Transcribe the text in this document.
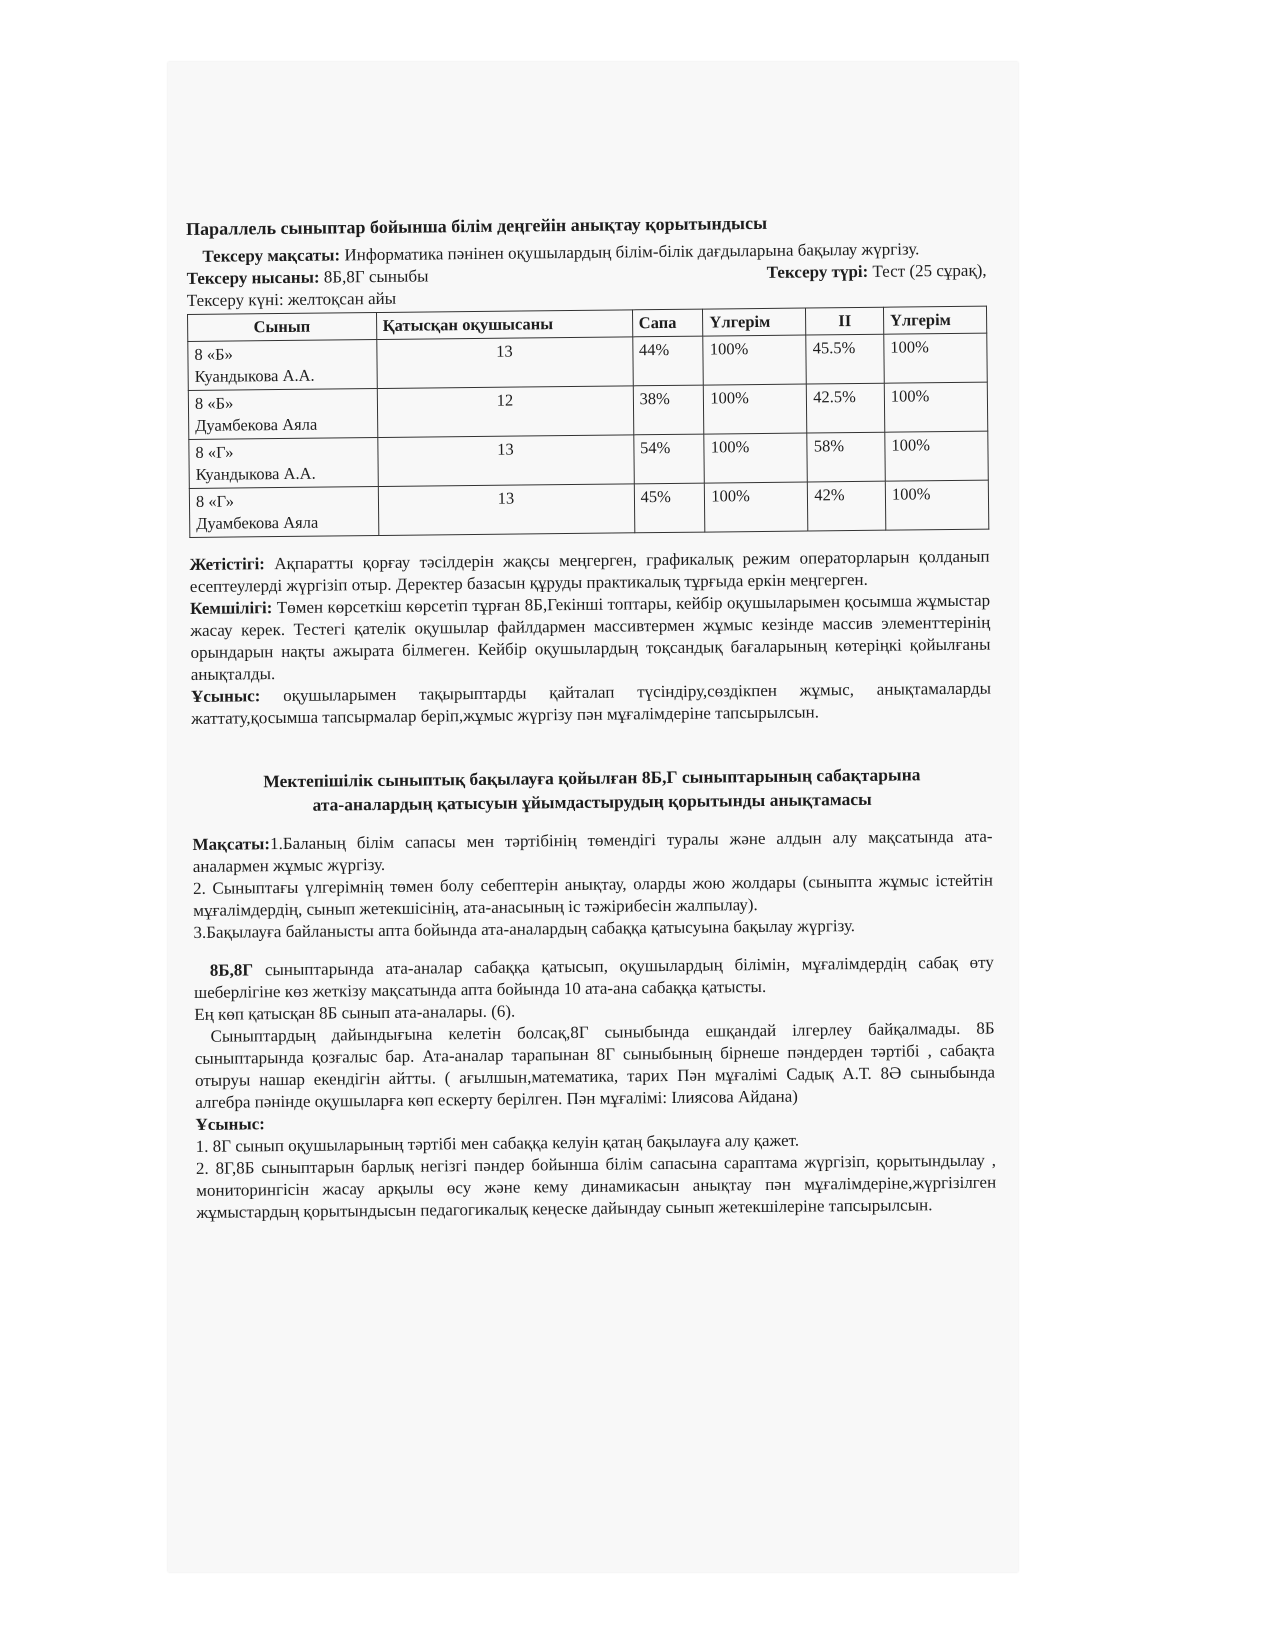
Параллель сыныптар бойынша білім деңгейін анықтау қорытындысы

Тексеру мақсаты: Информатика пәнінен оқушылардың білім-білік дағдыларына бақылау жүргізу.

Тексеру нысаны: 8Б,8Г сыныбы	Тексеру түрі: Тест (25 сұрақ),
Тексеру күні: желтоқсан айы
Сынып	Қатысқан оқушысаны	Сапа	Үлгерім	II	Үлгерім
8 «Б»
Куандыкова А.А.	13	44%	100%	45.5%	100%
8 «Б»
Дуамбекова Аяла	12	38%	100%	42.5%	100%
8 «Г»
Куандыкова А.А.	13	54%	100%	58%	100%
8 «Г»
Дуамбекова Аяла	13	45%	100%	42%	100%

Жетістігі: Ақпаратты қорғау тәсілдерін жақсы меңгерген, графикалық режим операторларын қолданып есептеулерді жүргізіп отыр. Деректер базасын құруды практикалық тұрғыда еркін меңгерген.

Кемшілігі: Төмен көрсеткіш көрсетіп тұрған 8Б,Гекінші топтары, кейбір оқушыларымен қосымша жұмыстар жасау керек. Тестегі қателік оқушылар файлдармен массивтермен жұмыс кезінде массив элементтерінің орындарын нақты ажырата білмеген. Кейбір оқушылардың тоқсандық бағаларының көтеріңкі қойылғаны анықталды.

Ұсыныс: оқушыларымен тақырыптарды қайталап түсіндіру,сөздікпен жұмыс, анықтамаларды жаттату,қосымша тапсырмалар беріп,жұмыс жүргізу пән мұғалімдеріне тапсырылсын.

Мектепішілік сыныптық бақылауға қойылған 8Б,Г сыныптарының сабақтарына
ата-аналардың қатысуын ұйымдастырудың қорытынды анықтамасы

Мақсаты:1.Баланың білім сапасы мен тәртібінің төмендігі туралы және алдын алу мақсатында ата-аналармен жұмыс жүргізу.

2. Сыныптағы үлгерімнің төмен болу себептерін анықтау, оларды жою жолдары (сыныпта жұмыс істейтін мұғалімдердің, сынып жетекшісінің, ата-анасының іс тәжірибесін жалпылау).

3.Бақылауға байланысты апта бойында ата-аналардың сабаққа қатысуына бақылау жүргізу.

8Б,8Г сыныптарында ата-аналар сабаққа қатысып, оқушылардың білімін, мұғалімдердің сабақ өту шеберлігіне көз жеткізу мақсатында апта бойында 10 ата-ана сабаққа қатысты.

Ең көп қатысқан 8Б сынып ата-аналары. (6).

Сыныптардың дайындығына келетін болсақ,8Г сыныбында ешқандай ілгерлеу байқалмады. 8Б сыныптарында қозғалыс бар. Ата-аналар тарапынан 8Г сыныбының бірнеше пәндерден тәртібі , сабақта отыруы нашар екендігін айтты. ( ағылшын,математика, тарих Пән мұғалімі Садық А.Т. 8Ә сыныбында алгебра пәнінде оқушыларға көп ескерту берілген. Пән мұғалімі: Ілиясова Айдана)

Ұсыныс:

1. 8Г сынып оқушыларының тәртібі мен сабаққа келуін қатаң бақылауға алу қажет.

2. 8Г,8Б сыныптарын барлық негізгі пәндер бойынша білім сапасына сараптама жүргізіп, қорытындылау , мониторингісін жасау арқылы өсу және кему динамикасын анықтау пән мұғалімдеріне,жүргізілген жұмыстардың қорытындысын педагогикалық кеңеске дайындау сынып жетекшілеріне тапсырылсын.
